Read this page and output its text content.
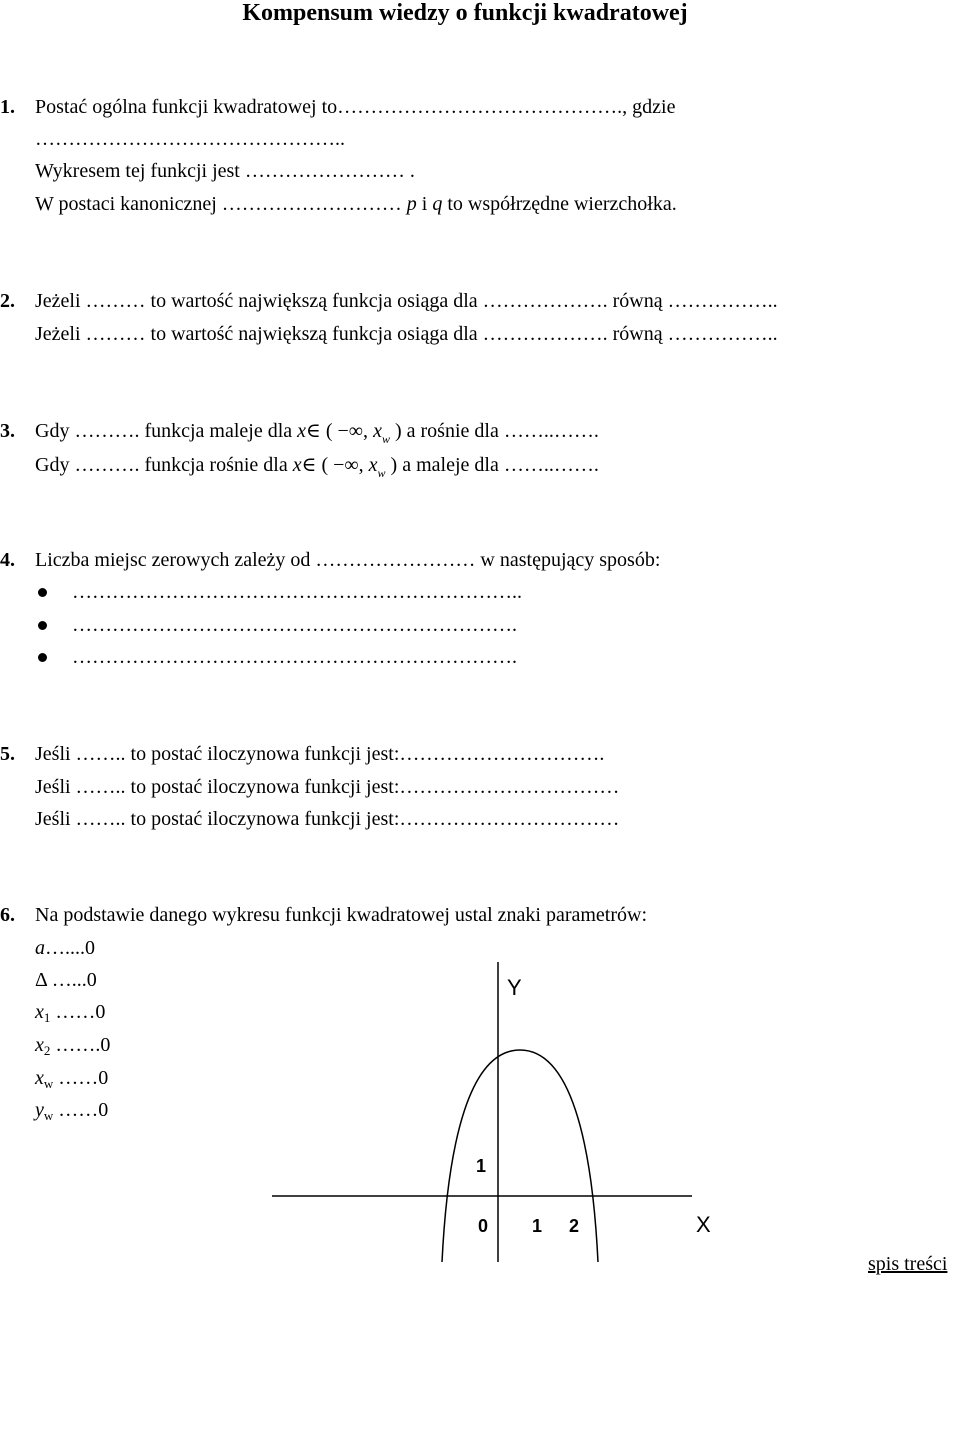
Kompensum wiedzy o funkcji kwadratowej
1. Postać ogólna funkcji kwadratowej to……………………………………., gdzie
………………………………………..
Wykresem tej funkcji jest …………………… .
W postaci kanonicznej ……………………… p i q to współrzędne wierzchołka.
2. Jeżeli ……… to wartość największą funkcja osiąga dla ………………. równą ……………..
Jeżeli ……… to wartość największą funkcja osiąga dla ………………. równą ……………..
3. Gdy ………. funkcja maleje dla x∈ ( −∞, $x_w$ ) a rośnie dla ……..…….
Gdy ………. funkcja rośnie dla x∈ ( −∞, $x_w$ ) a maleje dla ……..…….
4. Liczba miejsc zerowych zależy od …………………… w następujący sposób:
…………………………………………………………..
………………………………………………………….
………………………………………………………….
5. Jeśli …….. to postać iloczynowa funkcji jest:………………………….
Jeśli …….. to postać iloczynowa funkcji jest:……………………………
Jeśli …….. to postać iloczynowa funkcji jest:……………………………
6. Na podstawie danego wykresu funkcji kwadratowej ustal znaki parametrów:
a…....0
Δ …...0
$x_1$ ……0
$x_2$ …….0
$x_w$ ……0
$y_w$ ……0
Y
X
1
0 1 2
spis treści
